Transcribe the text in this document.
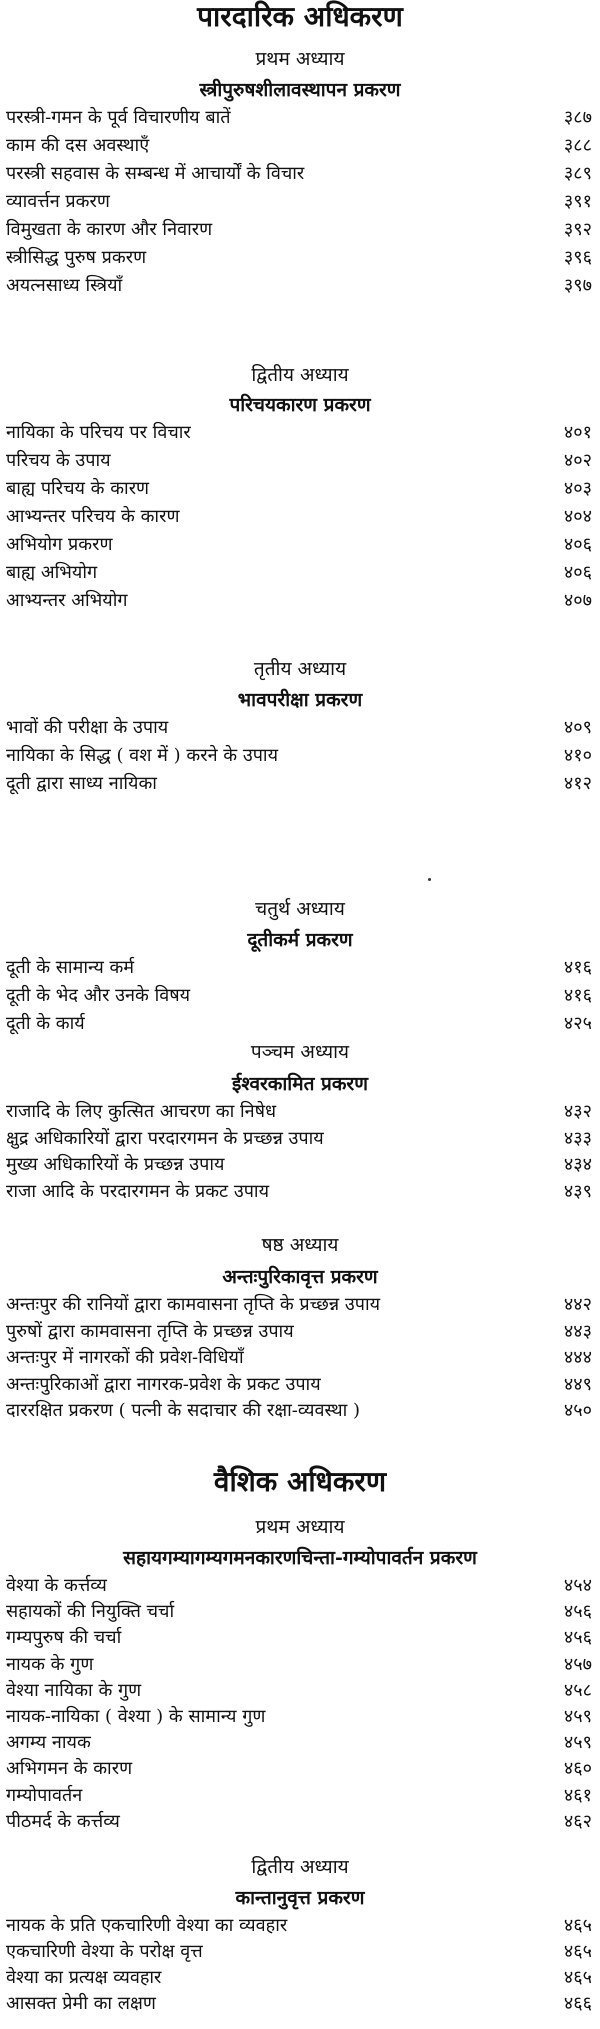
पारदारिक अधिकरण
प्रथम अध्याय
स्त्रीपुरुषशीलावस्थापन प्रकरण
परस्त्री-गमन के पूर्व विचारणीय बातें	३८७
काम की दस अवस्थाएँ	३८८
परस्त्री सहवास के सम्बन्ध में आचार्यों के विचार	३८९
व्यावर्त्तन प्रकरण	३९१
विमुखता के कारण और निवारण	३९२
स्त्रीसिद्ध पुरुष प्रकरण	३९६
अयत्नसाध्य स्त्रियाँ	३९७
द्वितीय अध्याय
परिचयकारण प्रकरण
नायिका के परिचय पर विचार	४०१
परिचय के उपाय	४०२
बाह्य परिचय के कारण	४०३
आभ्यन्तर परिचय के कारण	४०४
अभियोग प्रकरण	४०६
बाह्य अभियोग	४०६
आभ्यन्तर अभियोग	४०७
तृतीय अध्याय
भावपरीक्षा प्रकरण
भावों की परीक्षा के उपाय	४०९
नायिका के सिद्ध ( वश में ) करने के उपाय	४१०
दूती द्वारा साध्य नायिका	४१२
चतुर्थ अध्याय
दूतीकर्म प्रकरण
दूती के सामान्य कर्म	४१६
दूती के भेद और उनके विषय	४१६
दूती के कार्य	४२५
पञ्चम अध्याय
ईश्वरकामित प्रकरण
राजादि के लिए कुत्सित आचरण का निषेध	४३२
क्षुद्र अधिकारियों द्वारा परदारगमन के प्रच्छन्न उपाय	४३३
मुख्य अधिकारियों के प्रच्छन्न उपाय	४३४
राजा आदि के परदारगमन के प्रकट उपाय	४३९
षष्ठ अध्याय
अन्तःपुरिकावृत्त प्रकरण
अन्तःपुर की रानियों द्वारा कामवासना तृप्ति के प्रच्छन्न उपाय	४४२
पुरुषों द्वारा कामवासना तृप्ति के प्रच्छन्न उपाय	४४३
अन्तःपुर में नागरकों की प्रवेश-विधियाँ	४४४
अन्तःपुरिकाओं द्वारा नागरक-प्रवेश के प्रकट उपाय	४४९
दाररक्षित प्रकरण ( पत्नी के सदाचार की रक्षा-व्यवस्था )	४५०
वैशिक अधिकरण
प्रथम अध्याय
सहायगम्यागम्यगमनकारणचिन्ता-गम्योपावर्तन प्रकरण
वेश्या के कर्त्तव्य	४५४
सहायकों की नियुक्ति चर्चा	४५६
गम्यपुरुष की चर्चा	४५६
नायक के गुण	४५७
वेश्या नायिका के गुण	४५८
नायक-नायिका ( वेश्या ) के सामान्य गुण	४५९
अगम्य नायक	४५९
अभिगमन के कारण	४६०
गम्योपावर्तन	४६१
पीठमर्द के कर्त्तव्य	४६२
द्वितीय अध्याय
कान्तानुवृत्त प्रकरण
नायक के प्रति एकचारिणी वेश्या का व्यवहार	४६५
एकचारिणी वेश्या के परोक्ष वृत्त	४६५
वेश्या का प्रत्यक्ष व्यवहार	४६५
आसक्त प्रेमी का लक्षण	४६६
